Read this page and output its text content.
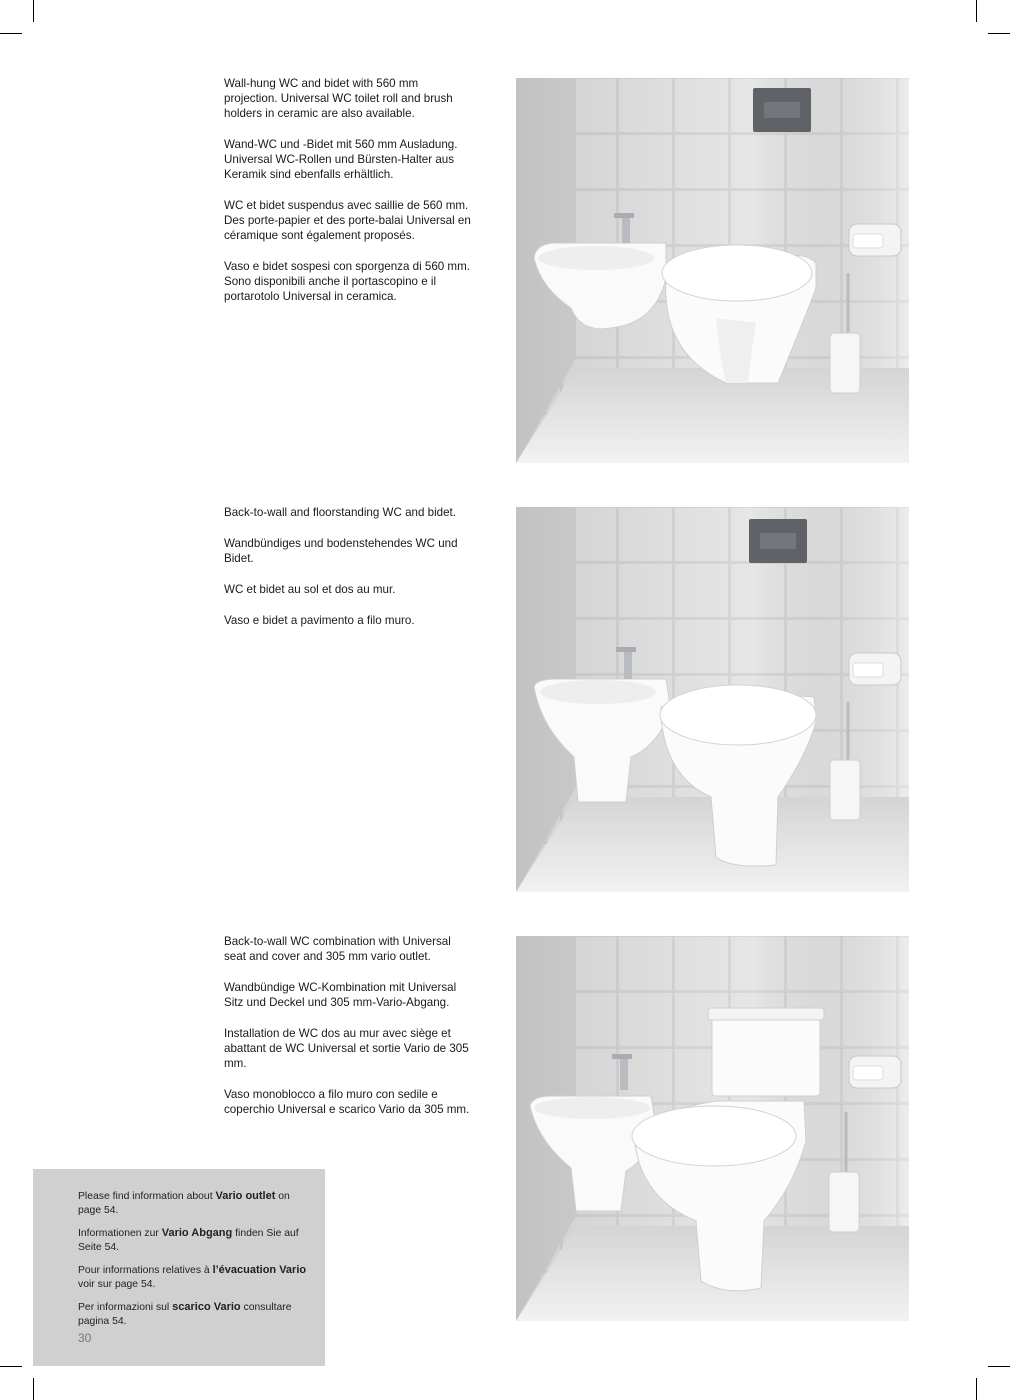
Wall-hung WC and bidet with 560 mm projection. Universal WC toilet roll and brush holders in ceramic are also available.

Wand-WC und -Bidet mit 560 mm Ausladung. Universal WC-Rollen und Bürsten-Halter aus Keramik sind ebenfalls erhältlich.

WC et bidet suspendus avec saillie de 560 mm. Des porte-papier et des porte-balai Universal en céramique sont également proposés.

Vaso e bidet sospesi con sporgenza di 560 mm. Sono disponibili anche il portascopino e il portarotolo Universal in ceramica.

Back-to-wall and floorstanding WC and bidet.

Wandbündiges und bodenstehendes WC und Bidet.

WC et bidet au sol et dos au mur.

Vaso e bidet a pavimento a filo muro.

Back-to-wall WC combination with Universal seat and cover and 305 mm vario outlet.

Wandbündige WC-Kombination mit Universal Sitz und Deckel und 305 mm-Vario-Abgang.

Installation de WC dos au mur avec siège et abattant de WC Universal et sortie Vario de 305 mm.

Vaso monoblocco a filo muro con sedile e coperchio Universal e scarico Vario da 305 mm.

Please find information about Vario outlet on page 54.

Informationen zur Vario Abgang finden Sie auf Seite 54.

Pour informations relatives à l’évacuation Vario voir sur page 54.

Per informazioni sul scarico Vario consultare pagina 54.

30
